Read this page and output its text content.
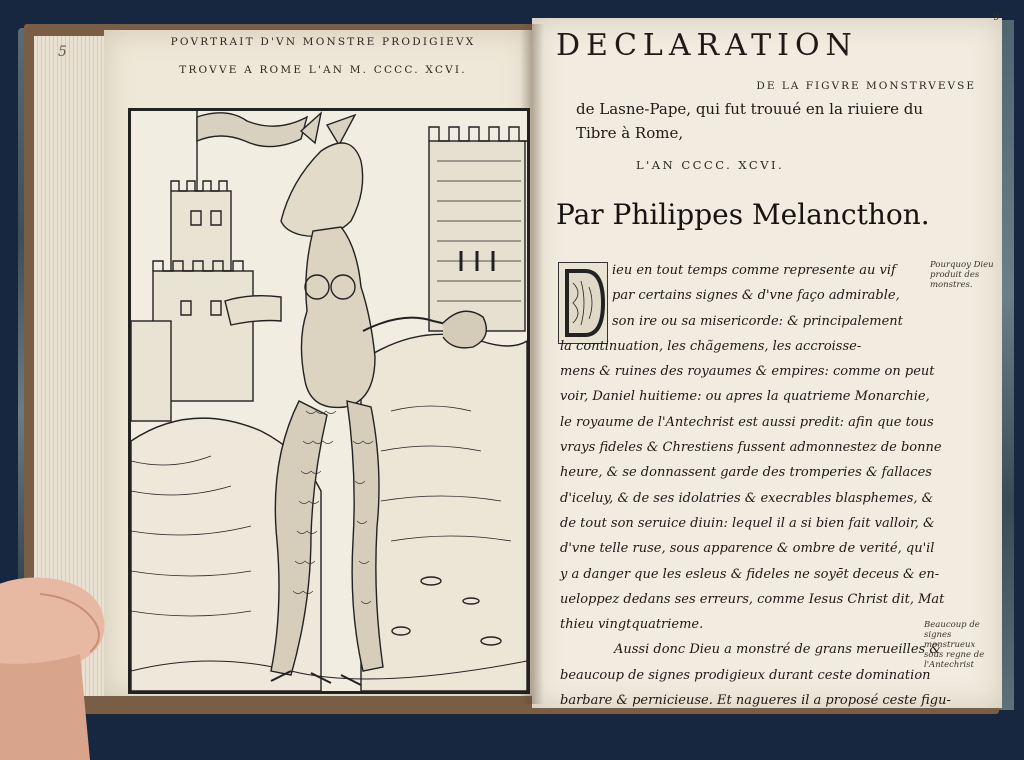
5
POVRTRAIT D'VN MONSTRE PRODIGIEVX
TROVVE A ROME L'AN M. CCCC. XCVI.
DECLARATION
DE LA FIGVRE MONSTRVEVSE
de Lasne-Pape, qui fut trouué en la riuiere du
Tibre à Rome,
L'AN CCCC. XCVI.
Par Philippes Melancthon.
ieu en tout temps comme represente au vif
par certains signes & d'vne faço admirable,
son ire ou sa misericorde: & principalement
la continuation, les chãgemens, les accroisse-
mens & ruines des royaumes & empires: comme on peut
voir, Daniel huitieme: ou apres la quatrieme Monarchie,
le royaume de l'Antechrist est aussi predit: afin que tous
vrays fideles & Chrestiens fussent admonnestez de bonne
heure, & se donnassent garde des tromperies & fallaces
d'iceluy, & de ses idolatries & execrables blasphemes, &
de tout son seruice diuin: lequel il a si bien fait valloir, &
d'vne telle ruse, sous apparence & ombre de verité, qu'il
y a danger que les esleus & fideles ne soyēt deceus & en-
ueloppez dedans ses erreurs, comme Iesus Christ dit, Mat
thieu vingtquatrieme.
Aussi donc Dieu a monstré de grans merueilles &
beaucoup de signes prodigieux durant ceste domination
barbare & pernicieuse. Et nagueres il a proposé ceste figu-
Pourquoy Dieu produit des monstres.
Beaucoup de signes monstrueux sous regne de l'Antechrist
9
